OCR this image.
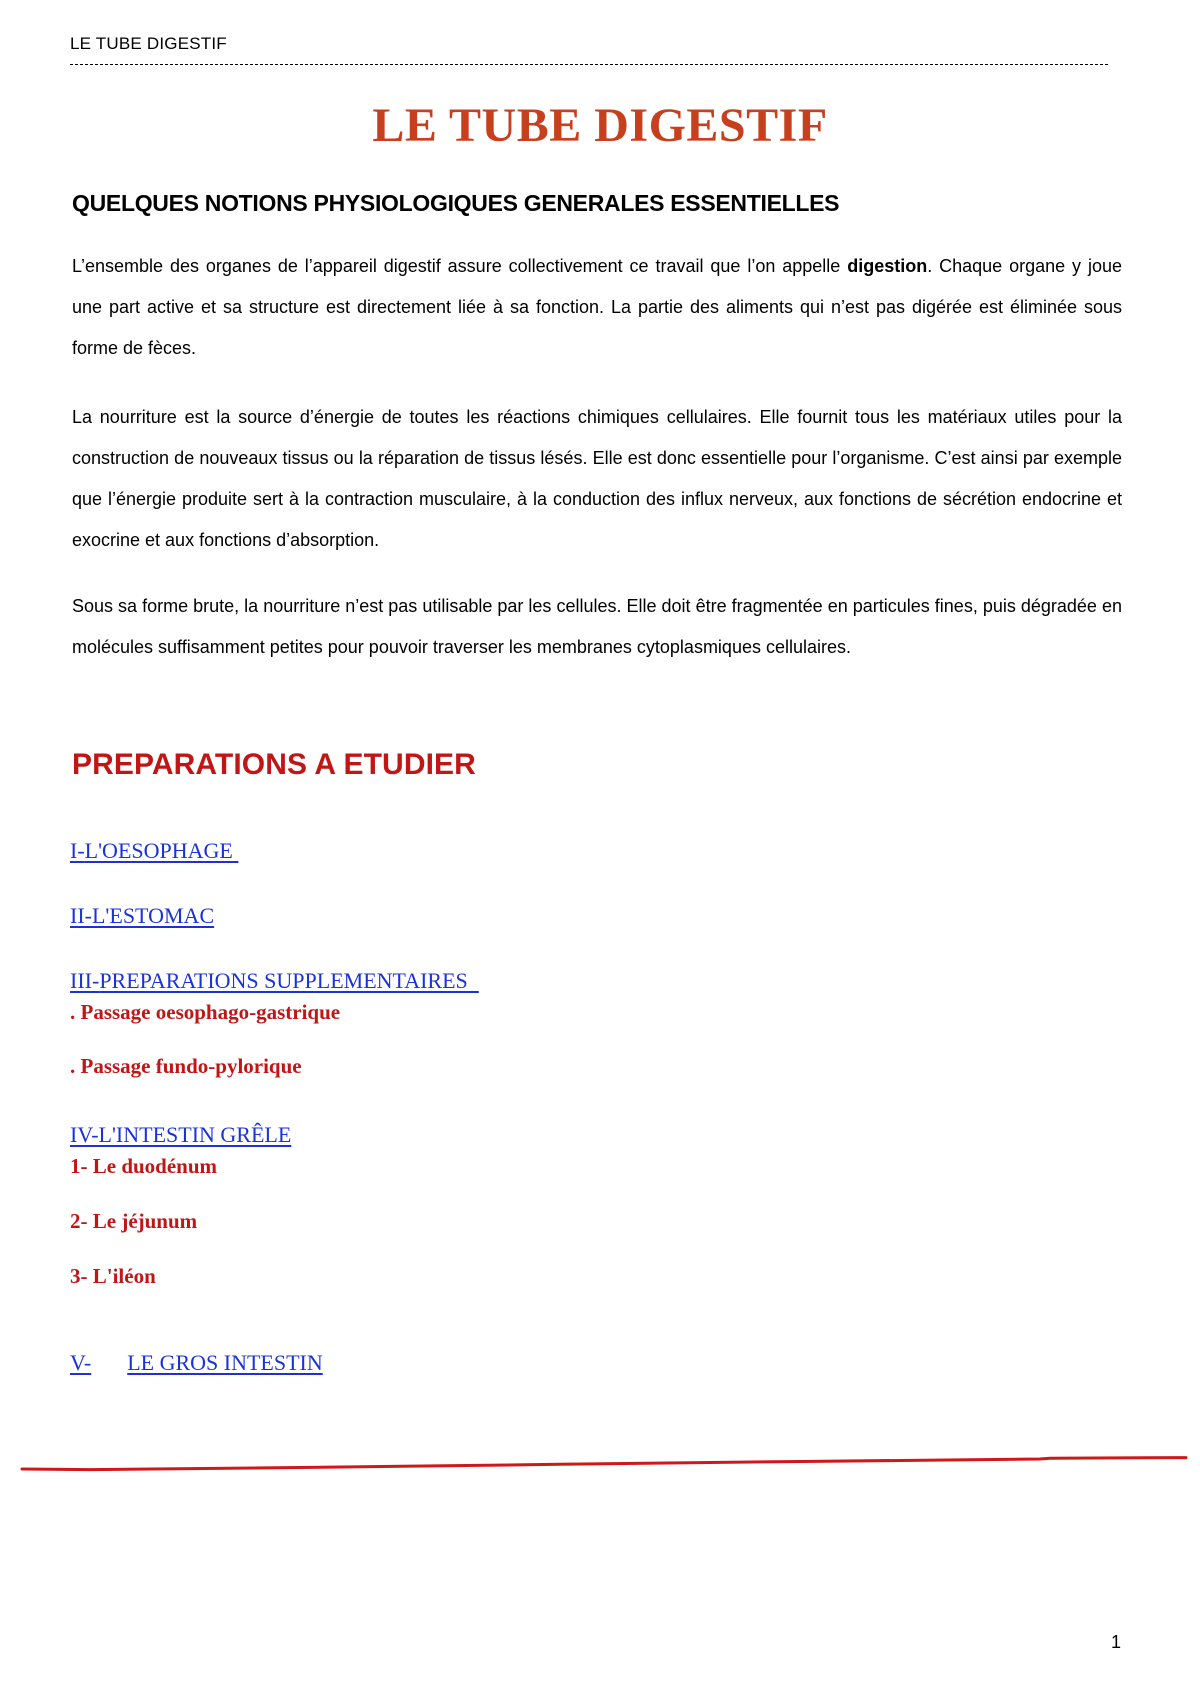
LE TUBE DIGESTIF
LE TUBE DIGESTIF
QUELQUES NOTIONS PHYSIOLOGIQUES GENERALES ESSENTIELLES

L’ensemble des organes de l’appareil digestif assure collectivement ce travail que l’on appelle digestion. Chaque organe y joue une part active et sa structure est directement liée à sa fonction. La partie des aliments qui n’est pas digérée est éliminée sous forme de fèces.

La nourriture est la source d’énergie de toutes les réactions chimiques cellulaires. Elle fournit tous les matériaux utiles pour la construction de nouveaux tissus ou la réparation de tissus lésés. Elle est donc essentielle pour l’organisme. C’est ainsi par exemple que l’énergie produite sert à la contraction musculaire, à la conduction des influx nerveux, aux fonctions de sécrétion endocrine et exocrine et aux fonctions d’absorption.

Sous sa forme brute, la nourriture n’est pas utilisable par les cellules. Elle doit être fragmentée en particules fines, puis dégradée en molécules suffisamment petites pour pouvoir traverser les membranes cytoplasmiques cellulaires.

PREPARATIONS A ETUDIER
I-L'OESOPHAGE
II-L'ESTOMAC
III-PREPARATIONS SUPPLEMENTAIRES
. Passage oesophago-gastrique
. Passage fundo-pylorique
IV-L'INTESTIN GRÊLE
1- Le duodénum
2- Le jéjunum
3- L'iléon
V- LE GROS INTESTIN
1
